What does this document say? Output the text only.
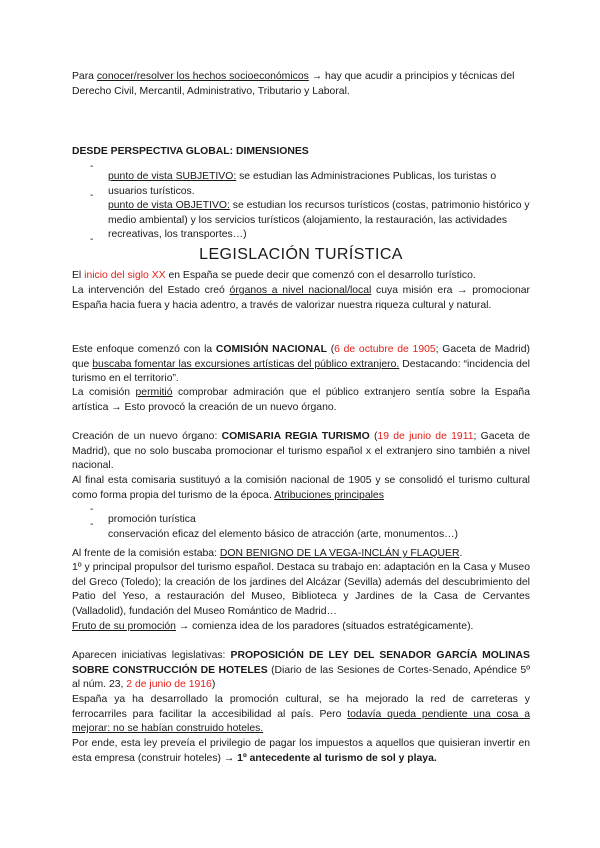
Para conocer/resolver los hechos socioeconómicos → hay que acudir a principios y técnicas del Derecho Civil, Mercantil, Administrativo, Tributario y Laboral.

DESDE PERSPECTIVA GLOBAL: DIMENSIONES

-

punto de vista SUBJETIVO: se estudian las Administraciones Publicas, los turistas o usuarios turísticos.

-

punto de vista OBJETIVO: se estudian los recursos turísticos (costas, patrimonio histórico y medio ambiental) y los servicios turísticos (alojamiento, la restauración, las actividades recreativas, los transportes…)

-
LEGISLACIÓN TURÍSTICA

El inicio del siglo XX en España se puede decir que comenzó con el desarrollo turístico.

La intervención del Estado creó órganos a nivel nacional/local cuya misión era → promocionar España hacia fuera y hacia adentro, a través de valorizar nuestra riqueza cultural y natural.

Este enfoque comenzó con la COMISIÓN NACIONAL (6 de octubre de 1905; Gaceta de Madrid) que buscaba fomentar las excursiones artísticas del público extranjero. Destacando: “incidencia del turismo en el territorio”.

La comisión permitió comprobar admiración que el público extranjero sentía sobre la España artística → Esto provocó la creación de un nuevo órgano.

Creación de un nuevo órgano: COMISARIA REGIA TURISMO (19 de junio de 1911; Gaceta de Madrid), que no solo buscaba promocionar el turismo español x el extranjero sino también a nivel nacional.

Al final esta comisaria sustituyó a la comisión nacional de 1905 y se consolidó el turismo cultural como forma propia del turismo de la época. Atribuciones principales

-

promoción turística

-

conservación eficaz del elemento básico de atracción (arte, monumentos…)

Al frente de la comisión estaba: DON BENIGNO DE LA VEGA-INCLÁN y FLAQUER.

1º y principal propulsor del turismo español. Destaca su trabajo en: adaptación en la Casa y Museo del Greco (Toledo); la creación de los jardines del Alcázar (Sevilla) además del descubrimiento del Patio del Yeso, a restauración del Museo, Biblioteca y Jardines de la Casa de Cervantes (Valladolid), fundación del Museo Romántico de Madrid…

Fruto de su promoción → comienza idea de los paradores (situados estratégicamente).

Aparecen iniciativas legislativas: PROPOSICIÓN DE LEY DEL SENADOR GARCÍA MOLINAS SOBRE CONSTRUCCIÓN DE HOTELES (Diario de las Sesiones de Cortes-Senado, Apéndice 5º al núm. 23, 2 de junio de 1916)

España ya ha desarrollado la promoción cultural, se ha mejorado la red de carreteras y ferrocarriles para facilitar la accesibilidad al país. Pero todavía queda pendiente una cosa a mejorar: no se habían construido hoteles.

Por ende, esta ley preveía el privilegio de pagar los impuestos a aquellos que quisieran invertir en esta empresa (construir hoteles) → 1º antecedente al turismo de sol y playa.
